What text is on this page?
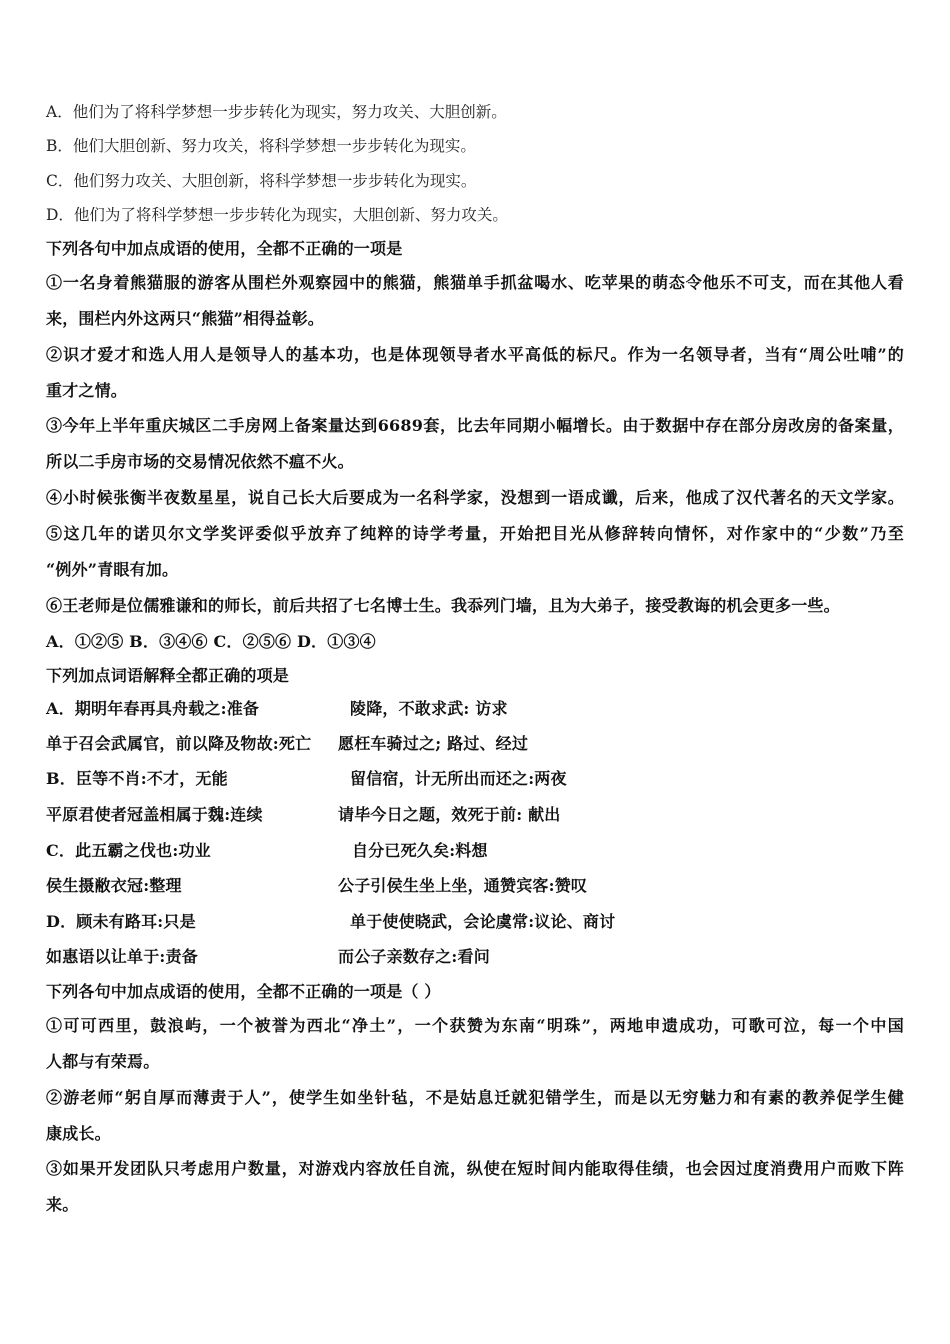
A．他们为了将科学梦想一步步转化为现实，努力攻关、大胆创新。
B．他们大胆创新、努力攻关，将科学梦想一步步转化为现实。
C．他们努力攻关、大胆创新，将科学梦想一步步转化为现实。
D．他们为了将科学梦想一步步转化为现实，大胆创新、努力攻关。
下列各句中加点成语的使用，全都不正确的一项是
①一名身着熊猫服的游客从围栏外观察园中的熊猫，熊猫单手抓盆喝水、吃苹果的萌态令他乐不可支，而在其他人看
来，围栏内外这两只“熊猫”相得益彰。
②识才爱才和选人用人是领导人的基本功，也是体现领导者水平高低的标尺。作为一名领导者，当有“周公吐哺”的
重才之情。
③今年上半年重庆城区二手房网上备案量达到6689套，比去年同期小幅增长。由于数据中存在部分房改房的备案量，
所以二手房市场的交易情况依然不瘟不火。
④小时候张衡半夜数星星，说自己长大后要成为一名科学家，没想到一语成谶，后来，他成了汉代著名的天文学家。
⑤这几年的诺贝尔文学奖评委似乎放弃了纯粹的诗学考量，开始把目光从修辞转向情怀，对作家中的“少数”乃至
“例外”青眼有加。
⑥王老师是位儒雅谦和的师长，前后共招了七名博士生。我忝列门墙，且为大弟子，接受教诲的机会更多一些。
A．①②⑤ B．③④⑥ C．②⑤⑥ D．①③④
下列加点词语解释全都正确的项是
A．期明年春再具舟载之:准备	陵降，不敢求武: 访求
单于召会武属官，前以降及物故:死亡 愿枉车骑过之; 路过、经过
B．臣等不肖:不才，无能	留信宿，计无所出而还之:两夜
平原君使者冠盖相属于魏:连续	请毕今日之题，效死于前: 献出
C．此五霸之伐也:功业	自分已死久矣:料想
侯生摄敝衣冠:整理	公子引侯生坐上坐，通赞宾客:赞叹
D．顾未有路耳:只是	单于使使晓武，会论虞常:议论、商讨
如惠语以让单于:责备	而公子亲数存之:看问
下列各句中加点成语的使用，全都不正确的一项是（ ）
①可可西里，鼓浪屿，一个被誉为西北“净土”，一个获赞为东南“明珠”，两地申遗成功，可歌可泣，每一个中国
人都与有荣焉。
②游老师“躬自厚而薄责于人”，使学生如坐针毡，不是姑息迁就犯错学生，而是以无穷魅力和有素的教养促学生健
康成长。
③如果开发团队只考虑用户数量，对游戏内容放任自流，纵使在短时间内能取得佳绩，也会因过度消费用户而败下阵
来。
